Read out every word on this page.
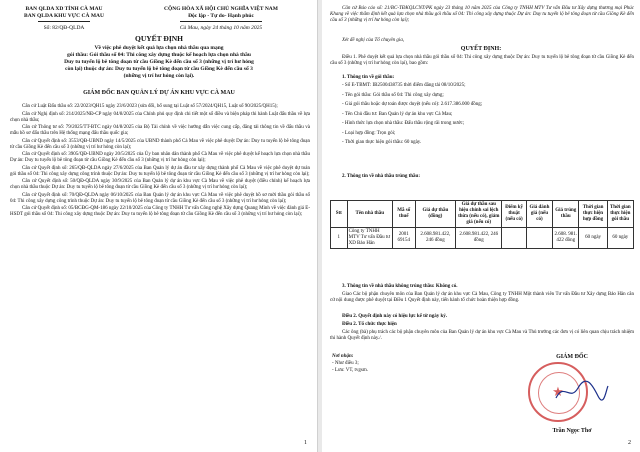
BAN QLDA XD TỈNH CÀ MAU
BAN QLDA KHU VỰC CÀ MAU
Số: 82/QĐ-QLDA
CỘNG HÒA XÃ HỘI CHỦ NGHĨA VIỆT NAM
Độc lập - Tự do- Hạnh phúc
Cà Mau, ngày 24 tháng 10 năm 2025
QUYẾT ĐỊNH
Về việc phê duyệt kết quả lựa chọn nhà thầu qua mạng
gói thầu: Gói thầu số 04: Thi công xây dựng thuộc kế hoạch lựa chọn nhà thầu
Duy tu tuyến lộ bê tông đoạn từ cầu Giồng Kè đến cầu số 3 (những vị trí hư hỏng
còn lại) thuộc dự án: Duy tu tuyến lộ bê tông đoạn từ cầu Giồng Kè đến cầu số 3
(những vị trí hư hỏng còn lại).
GIÁM ĐỐC BAN QUẢN LÝ DỰ ÁN KHU VỰC CÀ MAU
Căn cứ Luật Đấu thầu số: 22/2023/QH15 ngày 23/6/2023 (sửa đổi, bổ sung tại Luật số 57/2024/QH15, Luật số 90/2025/QH15);
Căn cứ Nghị định số: 214/2025/NĐ-CP ngày 04/8/2025 của Chính phủ quy định chi tiết một số điều và biện pháp thi hành Luật đấu thầu về lựa chọn nhà thầu;
Căn cứ Thông tư số: 79/2025/TT-BTC ngày 04/8/2025 của Bộ Tài chính về việc hướng dẫn việc cung cấp, đăng tải thông tin về đấu thầu và mẫu hồ sơ đấu thầu trên Hệ thống mạng đấu thầu quốc gia;
Căn cứ Quyết định số: 3553/QĐ-UBND ngày 14/5/2025 của UBND thành phố Cà Mau về việc phê duyệt Dự án: Duy tu tuyến lộ bê tông đoạn từ cầu Giồng Kè đến cầu số 3 (những vị trí hư hỏng còn lại);
Căn cứ Quyết định số: 3905/QĐ-UBND ngày 20/5/2025 của Ủy ban nhân dân thành phố Cà Mau về việc phê duyệt kế hoạch lựa chọn nhà thầu Dự án: Duy tu tuyến lộ bê tông đoạn từ cầu Giồng Kè đến cầu số 3 (những vị trí hư hỏng còn lại);
Căn cứ Quyết định số: 265/QĐ-QLDA ngày 27/6/2025 của Ban Quản lý dự án đầu tư xây dựng thành phố Cà Mau về việc phê duyệt dự toán gói thầu số 04: Thi công xây dựng công trình thuộc Dự án: Duy tu tuyến lộ bê tông đoạn từ cầu Giồng Kè đến cầu số 3 (những vị trí hư hỏng còn lại);
Căn cứ Quyết định số: 50/QĐ-QLDA ngày 30/9/2025 của Ban Quản lý dự án khu vực Cà Mau về việc phê duyệt (điều chỉnh) kế hoạch lựa chọn nhà thầu thuộc Dự án: Duy tu tuyến lộ bê tông đoạn từ cầu Giồng Kè đến cầu số 3 (những vị trí hư hỏng còn lại);
Căn cứ Quyết định số: 70/QĐ-QLDA ngày 06/10/2025 của Ban Quản lý dự án khu vực Cà Mau về việc phê duyệt hồ sơ mời thầu gói thầu số 04: Thi công xây dựng công trình thuộc Dự án: Duy tu tuyến lộ bê tông đoạn từ cầu Giồng Kè đến cầu số 3 (những vị trí hư hỏng còn lại);
Căn cứ Quyết định số: 05/BCĐG-QM-186 ngày 22/10/2025 của Công ty TNHH Tư vấn Công nghệ Xây dựng Quang Minh về việc đánh giá E-HSDT gói thầu số 04: Thi công xây dựng thuộc Dự án: Duy tu tuyến lộ bê tông đoạn từ cầu Giồng Kè đến cầu số 3 (những vị trí hư hỏng còn lại);
1
Căn cứ Báo cáo số: 21/BC-TĐKQLCNT/PK ngày 23 tháng 10 năm 2025 của Công ty TNHH MTV Tư vấn Đầu tư Xây dựng thương mại Phúc Khang về việc thẩm định kết quả lựa chọn nhà thầu gói thầu số 04: Thi công xây dựng thuộc Dự án: Duy tu tuyến lộ bê tông đoạn từ cầu Giồng Kè đến cầu số 3 (những vị trí hư hỏng còn lại);
Xét đề nghị của Tổ chuyên gia,
QUYẾT ĐỊNH:
Điều 1. Phê duyệt kết quả lựa chọn nhà thầu gói thầu số 04: Thi công xây dựng thuộc Dự án: Duy tu tuyến lộ bê tông đoạn từ cầu Giồng Kè đến cầu số 3 (những vị trí hư hỏng còn lại), bao gồm:
1. Thông tin về gói thầu:
- Số E-TBMT: IB2500438735 thời điểm đăng tải 08/10/2025;
- Tên gói thầu: Gói thầu số 04: Thi công xây dựng;
- Giá gói thầu hoặc dự toán được duyệt (nếu có): 2.617.386.000 đồng;
- Tên Chủ đầu tư: Ban Quản lý dự án khu vực Cà Mau;
- Hình thức lựa chọn nhà thầu: Đấu thầu rộng rãi trong nước;
- Loại hợp đồng: Trọn gói;
- Thời gian thực hiện gói thầu: 60 ngày.
2. Thông tin về nhà thầu trúng thầu:
Stt	Tên nhà thầu	Mã số thuế	Giá dự thầu (đồng)	Giá dự thầu sau hiệu chỉnh sai lệch thừa (nếu có), giảm giá (nếu có)	Điểm kỹ thuật (nếu có)	Giá đánh giá (nếu có)	Giá trúng thầu	Thời gian thực hiện hợp đồng	Thời gian thực hiện gói thầu
1	Công ty TNHH MTV Tư vấn Đầu tư XD Bảo Hân	2001 69154	2.608.981.422, 246 đồng	2.608.981.422, 246 đồng			2.608. 981. 422 đồng	60 ngày	60 ngày
3. Thông tin về nhà thầu không trúng thầu: Không có.
Giao Các bộ phận chuyên môn của Ban Quản lý dự án khu vực Cà Mau, Công ty TNHH Một thành viên Tư vấn Đầu tư Xây dựng Bảo Hân căn cứ nội dung được phê duyệt tại Điều 1 Quyết định này, tiến hành tổ chức hoàn thiện hợp đồng.
Điều 2. Quyết định này có hiệu lực kể từ ngày ký.
Điều 2. Tổ chức thực hiện
Các ông (bà) phụ trách các bộ phận chuyên môn của Ban Quản lý dự án khu vực Cà Mau và Thủ trưởng các đơn vị có liên quan chịu trách nhiệm thi hành Quyết định này./.
Nơi nhận:
- Như điều 3;
- Lưu: VT, tvgsm.
GIÁM ĐỐC
★
Trần Ngọc Thơ
2
